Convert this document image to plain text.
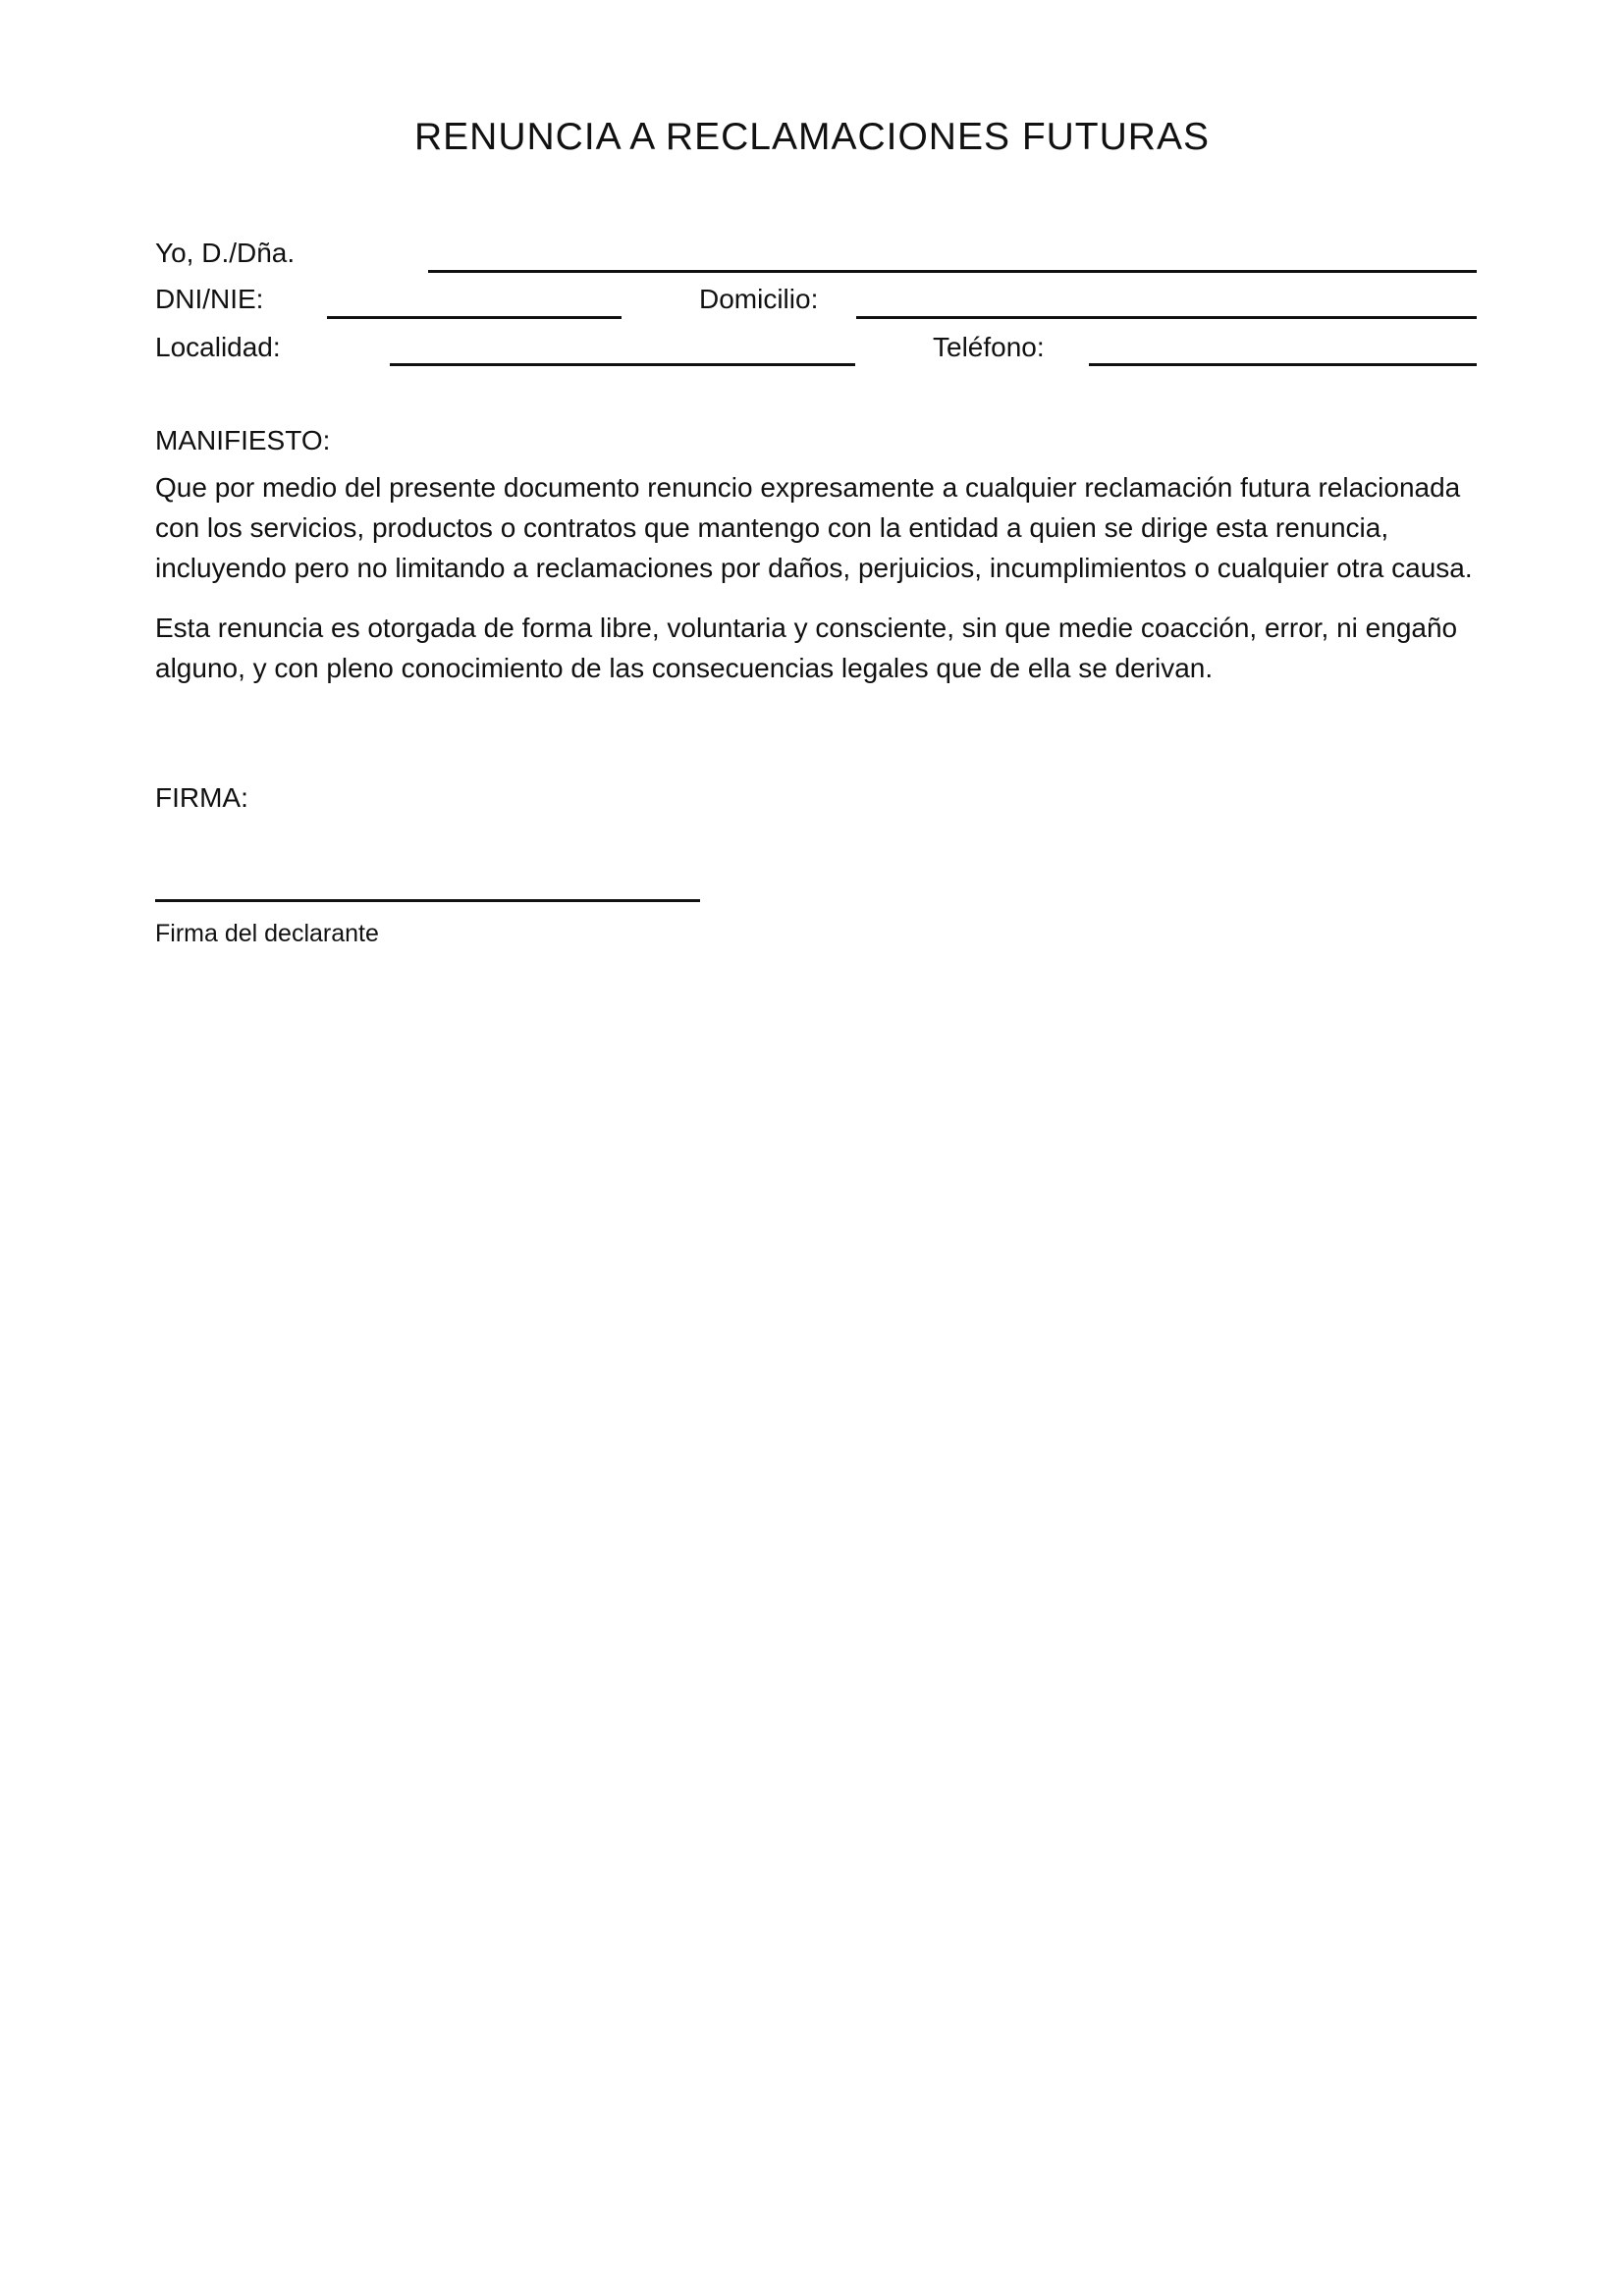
RENUNCIA A RECLAMACIONES FUTURAS
Yo, D./Dña.
DNI/NIE:	Domicilio:
Localidad:	Teléfono:
MANIFIESTO:

Que por medio del presente documento renuncio expresamente a cualquier reclamación futura relacionada con los servicios, productos o contratos que mantengo con la entidad a quien se dirige esta renuncia, incluyendo pero no limitando a reclamaciones por daños, perjuicios, incumplimientos o cualquier otra causa.

Esta renuncia es otorgada de forma libre, voluntaria y consciente, sin que medie coacción, error, ni engaño alguno, y con pleno conocimiento de las consecuencias legales que de ella se derivan.

FIRMA:
Firma del declarante
